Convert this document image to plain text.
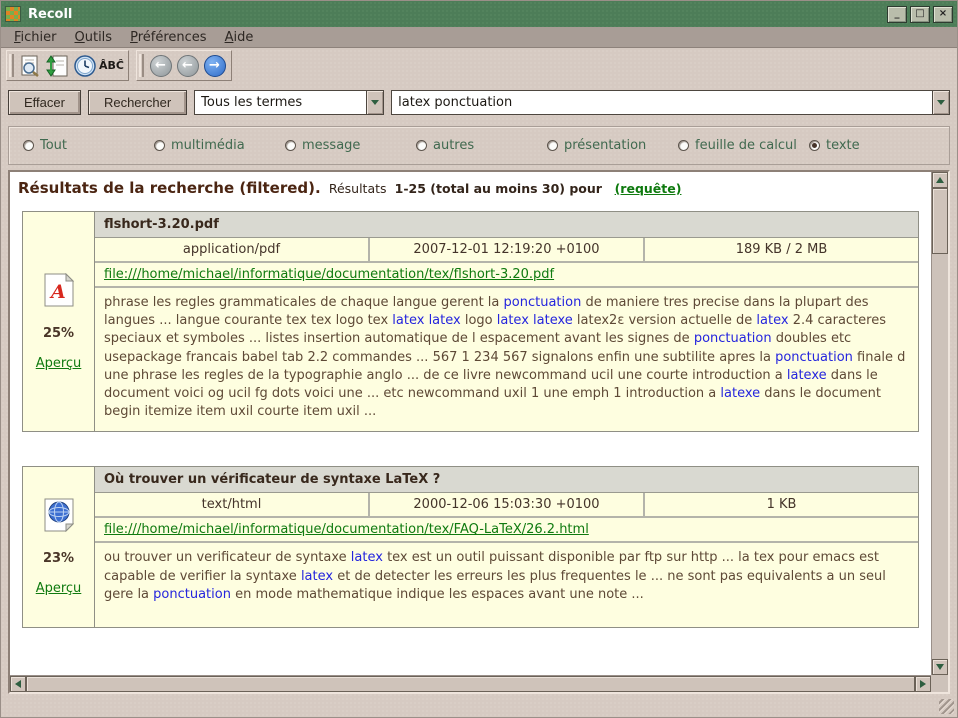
Recoll	_	□	×
Fichier	Outils	Préférences	Aide
ÂBĈ	←	←	→
Effacer	Rechercher	Tous les termes
latex ponctuation
Tout	multimédia	message	autres	présentation	feuille de calcul texte
Résultats de la recherche (filtered). Résultats 1-25 (total au moins 30) pour (requête)
A
25%
Aperçu
flshort-3.20.pdf
application/pdf	2007-12-01 12:19:20 +0100	189 KB / 2 MB
file:///home/michael/informatique/documentation/tex/flshort-3.20.pdf
phrase les regles grammaticales de chaque langue gerent la ponctuation de maniere tres precise dans la plupart des langues ... langue courante tex tex logo tex latex latex logo latex latexe latex2ε version actuelle de latex 2.4 caracteres speciaux et symboles ... listes insertion automatique de l espacement avant les signes de ponctuation doubles etc usepackage francais babel tab 2.2 commandes ... 567 1 234 567 signalons enfin une subtilite apres la ponctuation finale d une phrase les regles de la typographie anglo ... de ce livre newcommand ucil une courte introduction a latexe dans le document voici og ucil fg dots voici une ... etc newcommand uxil 1 une emph 1 introduction a latexe dans le document begin itemize item uxil courte item uxil ...
23%
Aperçu
Où trouver un vérificateur de syntaxe LaTeX ?
text/html	2000-12-06 15:03:30 +0100	1 KB
file:///home/michael/informatique/documentation/tex/FAQ-LaTeX/26.2.html
ou trouver un verificateur de syntaxe latex tex est un outil puissant disponible par ftp sur http ... la tex pour emacs est capable de verifier la syntaxe latex et de detecter les erreurs les plus frequentes le ... ne sont pas equivalents a un seul gere la ponctuation en mode mathematique indique les espaces avant une note ...
